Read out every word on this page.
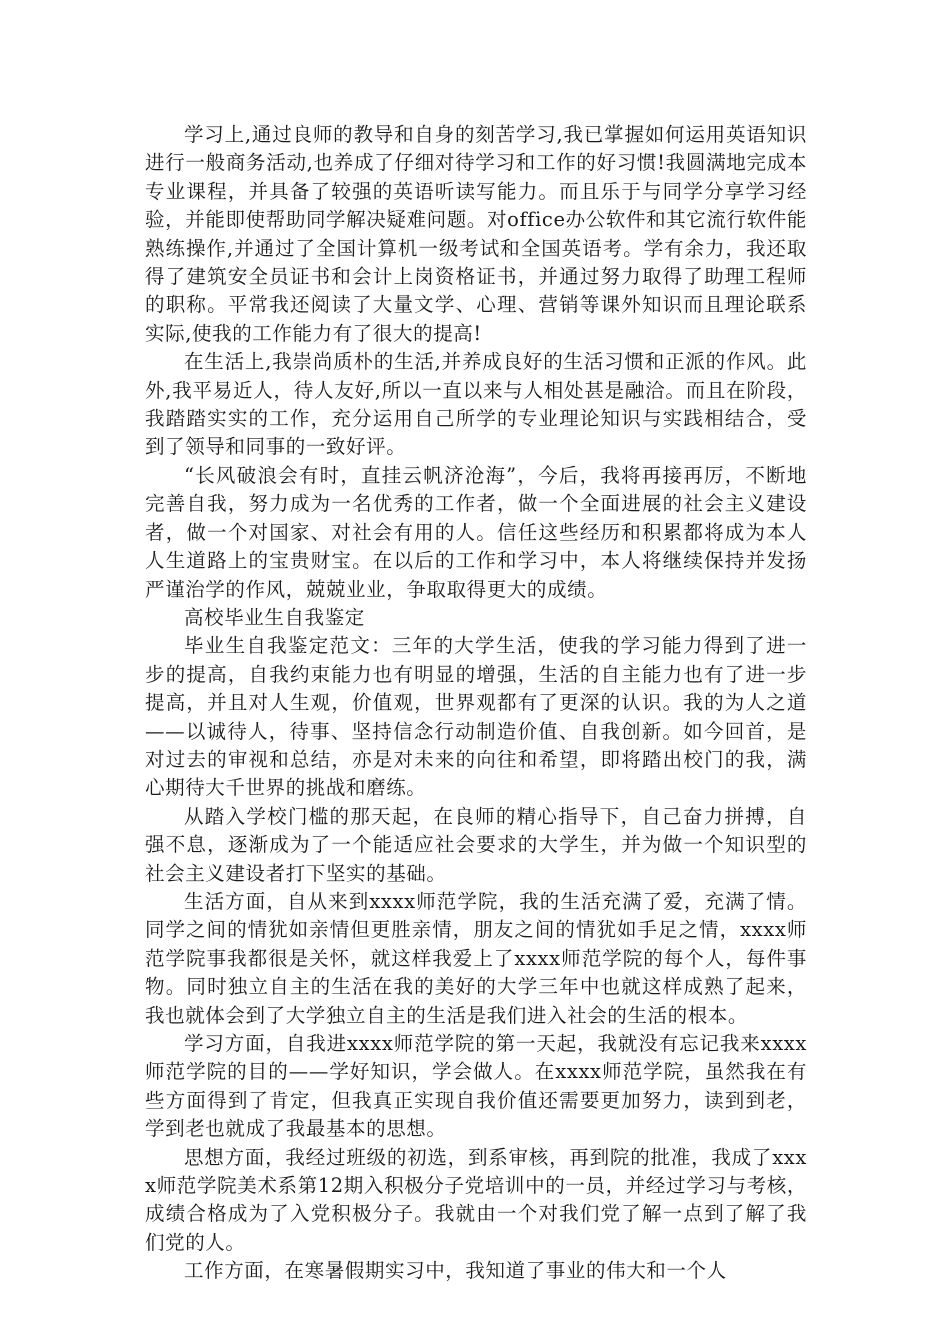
学习上,通过良师的教导和自身的刻苦学习,我已掌握如何运用英语知识进行一般商务活动,也养成了仔细对待学习和工作的好习惯!我圆满地完成本专业课程，并具备了较强的英语听读写能力。而且乐于与同学分享学习经验，并能即使帮助同学解决疑难问题。对office办公软件和其它流行软件能熟练操作,并通过了全国计算机一级考试和全国英语考。学有余力，我还取得了建筑安全员证书和会计上岗资格证书，并通过努力取得了助理工程师的职称。平常我还阅读了大量文学、心理、营销等课外知识而且理论联系实际,使我的工作能力有了很大的提高!

在生活上,我崇尚质朴的生活,并养成良好的生活习惯和正派的作风。此外,我平易近人，待人友好,所以一直以来与人相处甚是融洽。而且在阶段，我踏踏实实的工作，充分运用自己所学的专业理论知识与实践相结合，受到了领导和同事的一致好评。

“长风破浪会有时，直挂云帆济沧海”，今后，我将再接再厉，不断地完善自我，努力成为一名优秀的工作者，做一个全面进展的社会主义建设者，做一个对国家、对社会有用的人。信任这些经历和积累都将成为本人人生道路上的宝贵财宝。在以后的工作和学习中，本人将继续保持并发扬严谨治学的作风，兢兢业业，争取取得更大的成绩。

高校毕业生自我鉴定

毕业生自我鉴定范文：三年的大学生活，使我的学习能力得到了进一步的提高，自我约束能力也有明显的增强，生活的自主能力也有了进一步提高，并且对人生观，价值观，世界观都有了更深的认识。我的为人之道——以诚待人，待事、坚持信念行动制造价值、自我创新。如今回首，是对过去的审视和总结，亦是对未来的向往和希望，即将踏出校门的我，满心期待大千世界的挑战和磨练。

从踏入学校门槛的那天起，在良师的精心指导下，自己奋力拼搏，自强不息，逐渐成为了一个能适应社会要求的大学生，并为做一个知识型的社会主义建设者打下坚实的基础。

生活方面，自从来到xxxx师范学院，我的生活充满了爱，充满了情。同学之间的情犹如亲情但更胜亲情，朋友之间的情犹如手足之情，xxxx师范学院事我都很是关怀，就这样我爱上了xxxx师范学院的每个人，每件事物。同时独立自主的生活在我的美好的大学三年中也就这样成熟了起来，我也就体会到了大学独立自主的生活是我们进入社会的生活的根本。

学习方面，自我进xxxx师范学院的第一天起，我就没有忘记我来xxxx师范学院的目的——学好知识，学会做人。在xxxx师范学院，虽然我在有些方面得到了肯定，但我真正实现自我价值还需要更加努力，读到到老，学到老也就成了我最基本的思想。

思想方面，我经过班级的初选，到系审核，再到院的批准，我成了xxxx师范学院美术系第12期入积极分子党培训中的一员，并经过学习与考核，成绩合格成为了入党积极分子。我就由一个对我们党了解一点到了解了我们党的人。

工作方面，在寒暑假期实习中，我知道了事业的伟大和一个人
